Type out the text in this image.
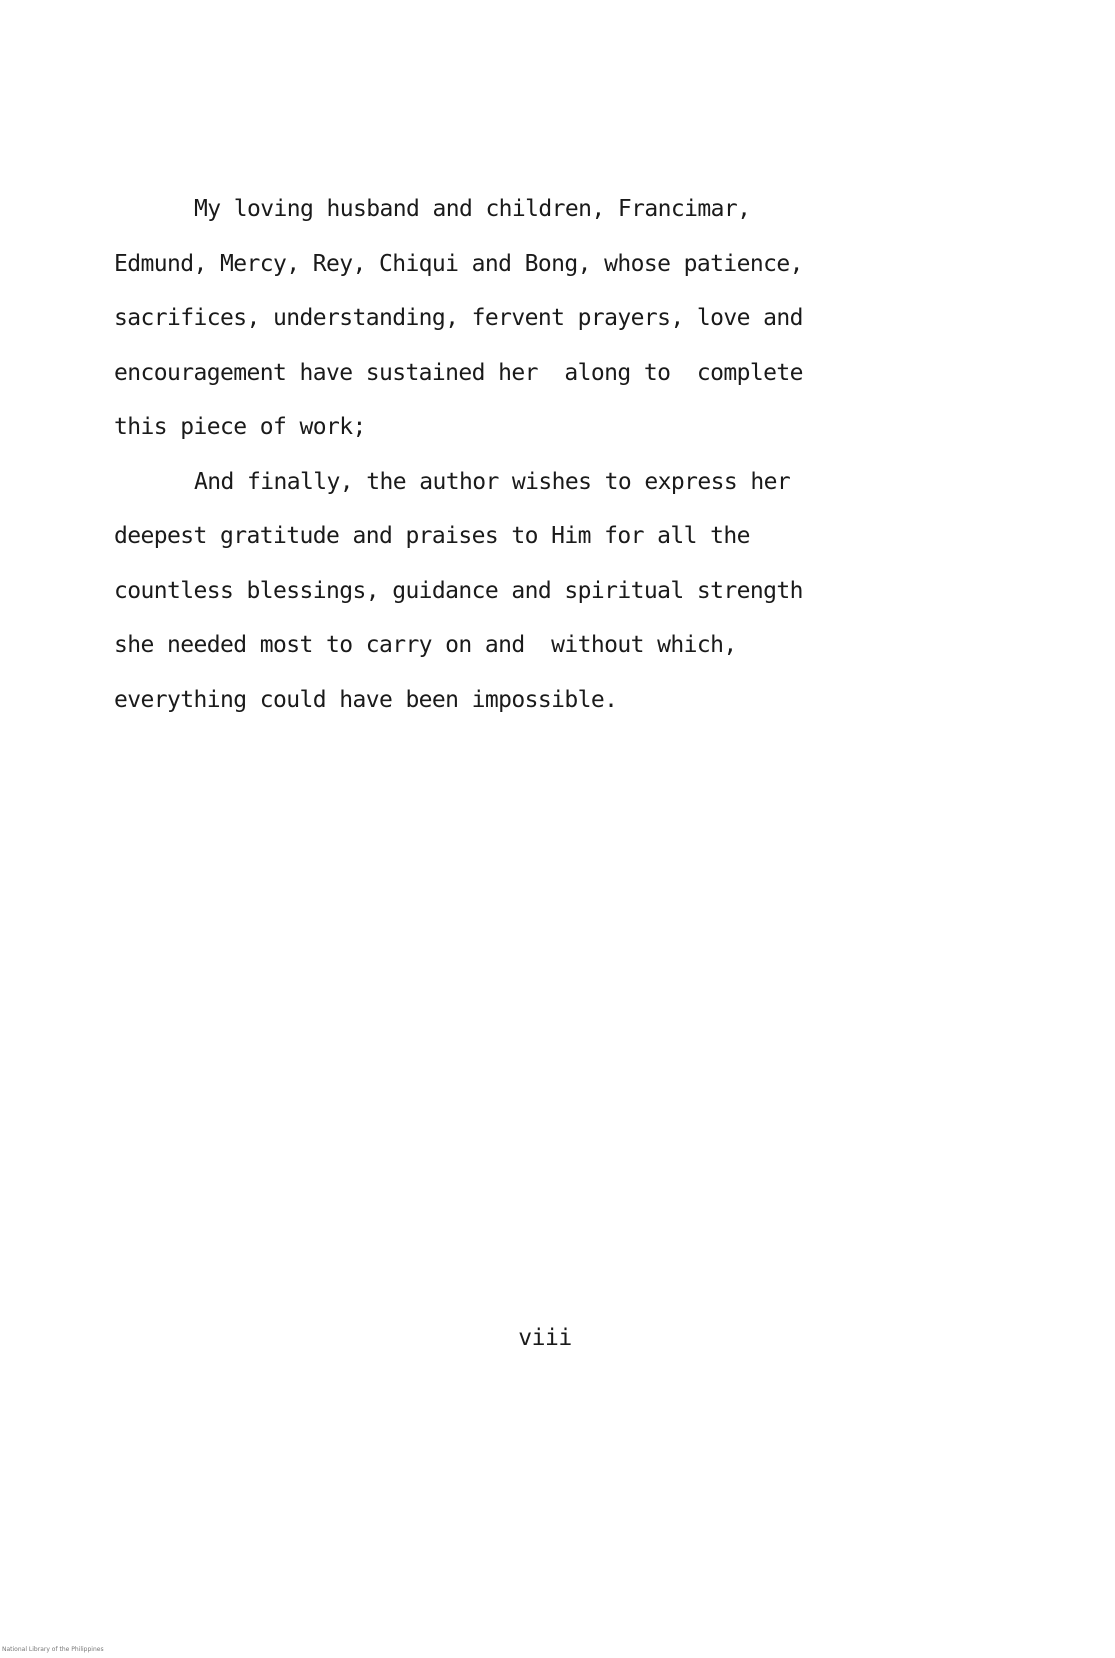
My loving husband and children, Francimar,
Edmund, Mercy, Rey, Chiqui and Bong, whose patience,
sacrifices, understanding, fervent prayers, love and
encouragement have sustained her  along to  complete
this piece of work;
And finally, the author wishes to express her
deepest gratitude and praises to Him for all the
countless blessings, guidance and spiritual strength
she needed most to carry on and  without which,
everything could have been impossible.
viii
National Library of the Philippines
